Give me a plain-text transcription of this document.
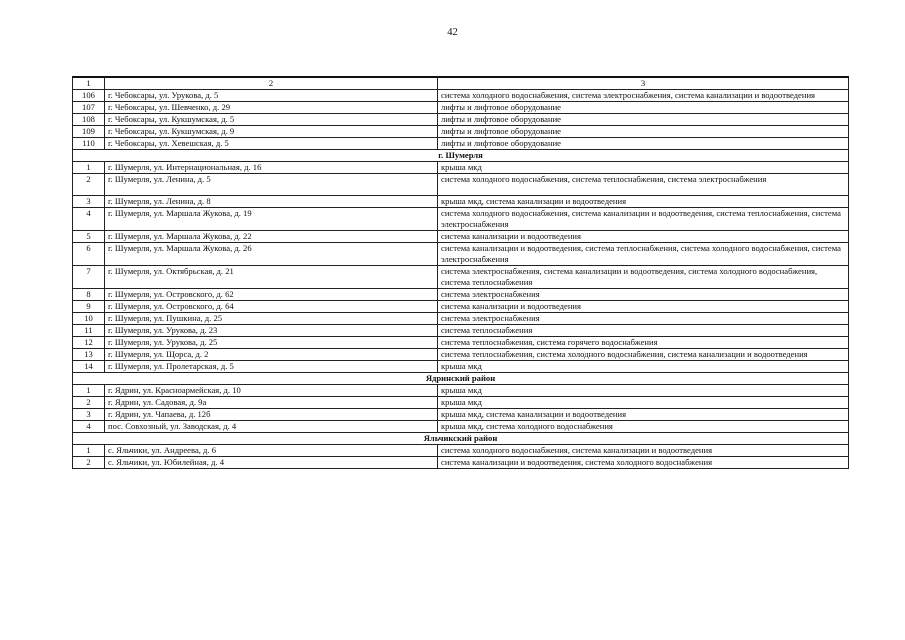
42
1	2	3
106	г. Чебоксары, ул. Урукова, д. 5	система холодного водоснабжения, система электроснабжения, система канализации и водоотведения
107	г. Чебоксары, ул. Шевченко, д. 29	лифты и лифтовое оборудование
108	г. Чебоксары, ул. Кукшумская, д. 5	лифты и лифтовое оборудование
109	г. Чебоксары, ул. Кукшумская, д. 9	лифты и лифтовое оборудование
110	г. Чебоксары, ул. Хевешская, д. 5	лифты и лифтовое оборудование
г. Шумерля		
1	г. Шумерля, ул. Интернациональная, д. 16	крыша мкд
2	г. Шумерля, ул. Ленина, д. 5	система холодного водоснабжения, система теплоснабжения, система электроснабжения
3	г. Шумерля, ул. Ленина, д. 8	крыша мкд, система канализации и водоотведения
4	г. Шумерля, ул. Маршала Жукова, д. 19	система холодного водоснабжения, система канализации и водоотведения, система теплоснабжения, система электроснабжения
5	г. Шумерля, ул. Маршала Жукова, д. 22	система канализации и водоотведения
6	г. Шумерля, ул. Маршала Жукова, д. 26	система канализации и водоотведения, система теплоснабжения, система холодного водоснабжения, система электроснабжения
7	г. Шумерля, ул. Октябрьская, д. 21	система электроснабжения, система канализации и водоотведения, система холодного водоснабжения, система теплоснабжения
8	г. Шумерля, ул. Островского, д. 62	система электроснабжения
9	г. Шумерля, ул. Островского, д. 64	система канализации и водоотведения
10	г. Шумерля, ул. Пушкина, д. 25	система электроснабжения
11	г. Шумерля, ул. Урукова, д. 23	система теплоснабжения
12	г. Шумерля, ул. Урукова, д. 25	система теплоснабжения, система горячего водоснабжения
13	г. Шумерля, ул. Щорса, д. 2	система теплоснабжения, система холодного водоснабжения, система канализации и водоотведения
14	г. Шумерля, ул. Пролетарская, д. 5	крыша мкд
Ядринский район		
1	г. Ядрин, ул. Красноармейская, д. 10	крыша мкд
2	г. Ядрин, ул. Садовая, д. 9а	крыша мкд
3	г. Ядрин, ул. Чапаева, д. 12б	крыша мкд, система канализации и водоотведения
4	пос. Совхозный, ул. Заводская, д. 4	крыша мкд, система холодного водоснабжения
Яльчикский район		
1	с. Яльчики, ул. Андреева, д. 6	система холодного водоснабжения, система канализации и водоотведения
2	с. Яльчики, ул. Юбилейная, д. 4	система канализации и водоотведения, система холодного водоснабжения
